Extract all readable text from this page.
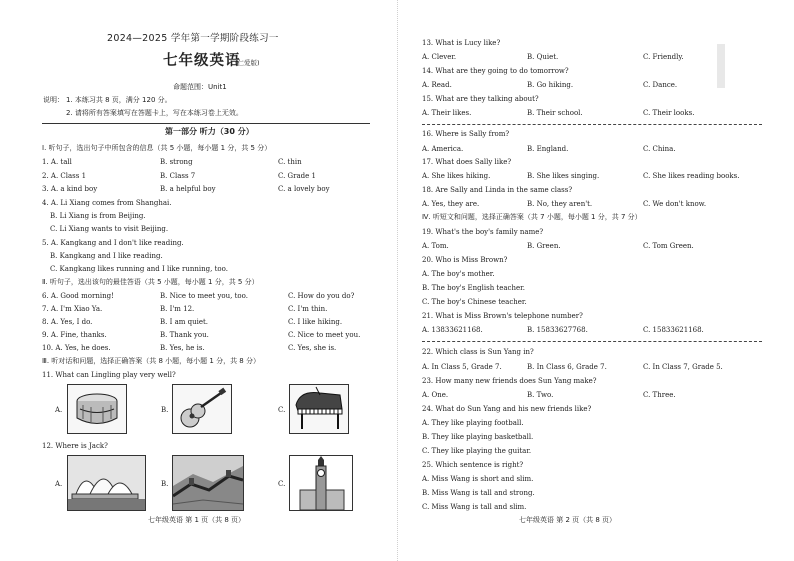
2024—2025 学年第一学期阶段练习一
七年级英语
(仁爱版)
命题范围：Unit1
说明： 1. 本练习共 8 页，满分 120 分。
2. 请将所有答案填写在答题卡上，写在本练习卷上无效。
第一部分 听力（30 分）
Ⅰ. 听句子，选出句子中所包含的信息（共 5 小题，每小题 1 分，共 5 分）
1. A. tall	B. strong	C. thin
2. A. Class 1	B. Class 7	C. Grade 1
3. A. a kind boy	B. a helpful boy	C. a lovely boy
4. A. Li Xiang comes from Shanghai.
B. Li Xiang is from Beijing.
C. Li Xiang wants to visit Beijing.
5. A. Kangkang and I don't like reading.
B. Kangkang and I like reading.
C. Kangkang likes running and I like running, too.
Ⅱ. 听句子，选出该句的最佳答语（共 5 小题，每小题 1 分，共 5 分）
6. A. Good morning!	B. Nice to meet you, too.	C. How do you do?
7. A. I'm Xiao Ya.	B. I'm 12.	C. I'm thin.
8. A. Yes, I do.	B. I am quiet.	C. I like hiking.
9. A. Fine, thanks.	B. Thank you.	C. Nice to meet you.
10. A. Yes, he does.	B. Yes, he is.	C. Yes, she is.
Ⅲ. 听对话和问题，选择正确答案（共 8 小题，每小题 1 分，共 8 分）
11. What can Lingling play very well?
A.	B.	C.
12. Where is Jack?
A.	B.	C.
七年级英语 第 1 页（共 8 页）
13. What is Lucy like?
A. Clever.	B. Quiet.	C. Friendly.
14. What are they going to do tomorrow?
A. Read.	B. Go hiking.	C. Dance.
15. What are they talking about?
A. Their likes.	B. Their school.	C. Their looks.
16. Where is Sally from?
A. America.	B. England.	C. China.
17. What does Sally like?
A. She likes hiking.	B. She likes singing.	C. She likes reading books.
18. Are Sally and Linda in the same class?
A. Yes, they are.	B. No, they aren't.	C. We don't know.
Ⅳ. 听短文和问题，选择正确答案（共 7 小题，每小题 1 分，共 7 分）
19. What's the boy's family name?
A. Tom.	B. Green.	C. Tom Green.
20. Who is Miss Brown?
A. The boy's mother.
B. The boy's English teacher.
C. The boy's Chinese teacher.
21. What is Miss Brown's telephone number?
A. 13833621168.	B. 15833627768.	C. 15833621168.
22. Which class is Sun Yang in?
A. In Class 5, Grade 7.	B. In Class 6, Grade 7.	C. In Class 7, Grade 5.
23. How many new friends does Sun Yang make?
A. One.	B. Two.	C. Three.
24. What do Sun Yang and his new friends like?
A. They like playing football.
B. They like playing basketball.
C. They like playing the guitar.
25. Which sentence is right?
A. Miss Wang is short and slim.
B. Miss Wang is tall and strong.
C. Miss Wang is tall and slim.
七年级英语 第 2 页（共 8 页）
